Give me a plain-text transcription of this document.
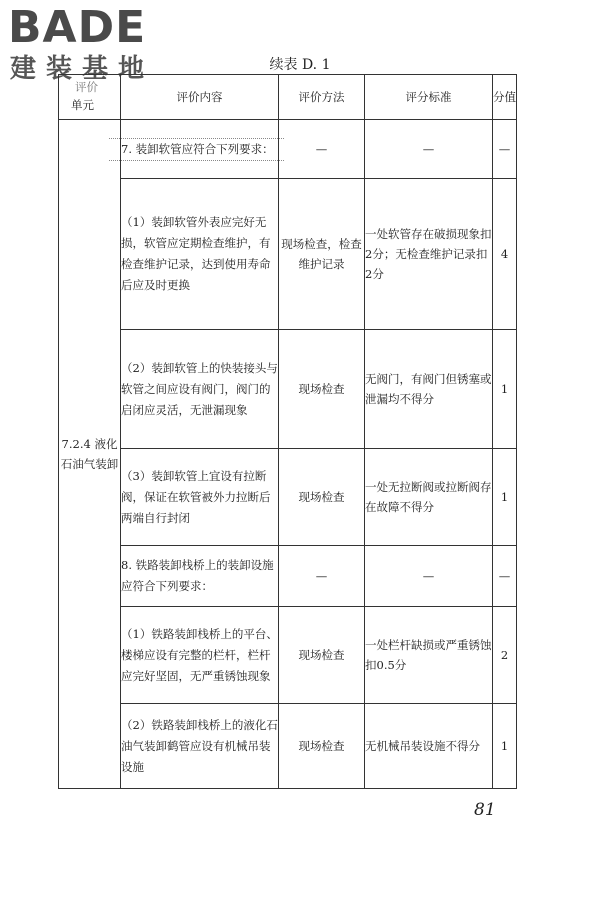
BADE
建装基地	续表 D. 1
评价
单元	评价内容	评价方法	评分标准	分值
7.2.4 液化石油气装卸	7. 装卸软管应符合下列要求：	—	—	—
	（1）装卸软管外表应完好无损，软管应定期检查维护，有检查维护记录，达到使用寿命后应及时更换	现场检查，检查维护记录	一处软管存在破损现象扣2分；无检查维护记录扣2分	4
	（2）装卸软管上的快装接头与软管之间应设有阀门，阀门的启闭应灵活，无泄漏现象	现场检查	无阀门，有阀门但锈塞或泄漏均不得分	1
	（3）装卸软管上宜设有拉断阀，保证在软管被外力拉断后两端自行封闭	现场检查	一处无拉断阀或拉断阀存在故障不得分	1
	8. 铁路装卸栈桥上的装卸设施应符合下列要求：	—	—	—
	（1）铁路装卸栈桥上的平台、楼梯应设有完整的栏杆，栏杆应完好坚固，无严重锈蚀现象	现场检查	一处栏杆缺损或严重锈蚀扣0.5分	2
	（2）铁路装卸栈桥上的液化石油气装卸鹤管应设有机械吊装设施	现场检查	无机械吊装设施不得分	1
81
